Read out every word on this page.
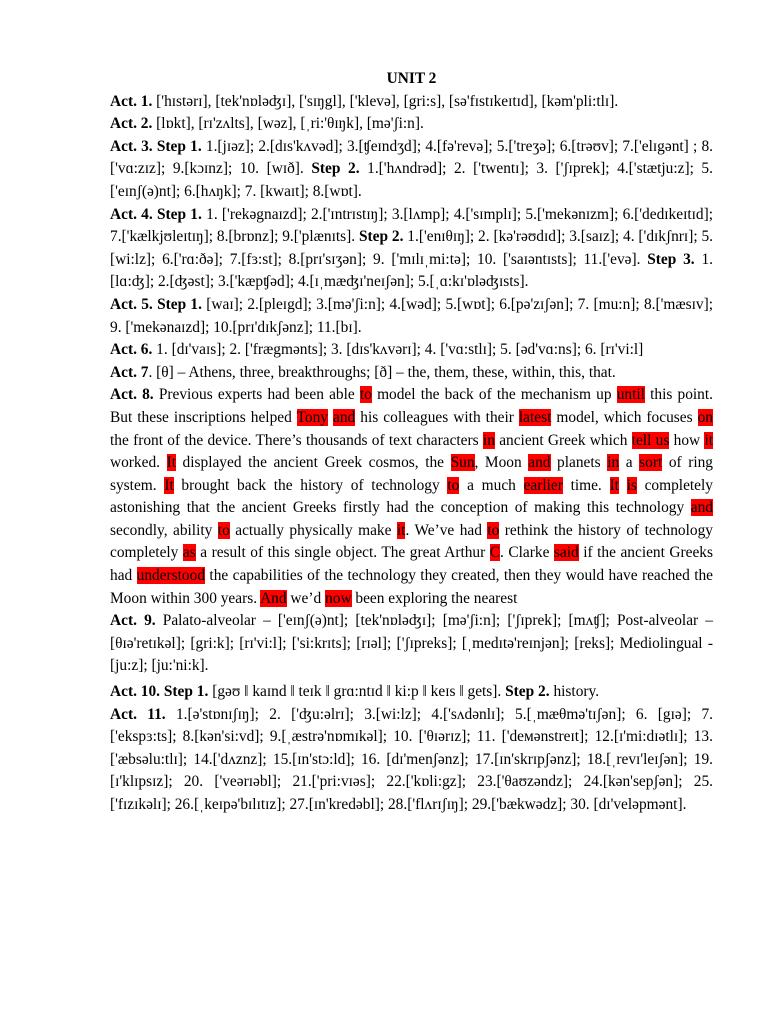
UNIT 2

Act. 1. ['hɪstərɪ], [tek'nɒləʤɪ], ['sɪŋgl], ['klevə], [gri:s], [sə'fɪstɪkeɪtɪd], [kəm'pli:tlɪ].

Act. 2. [lɒkt], [rɪ'zʌlts], [wəz], [ˌri:'θɪŋk], [mə'ʃi:n].

Act. 3. Step 1. 1.[jɪəz]; 2.[dɪs'kʌvəd]; 3.[ʧeɪndʒd]; 4.[fə'revə]; 5.['treʒə]; 6.[trəʊv]; 7.['elɪgənt] ; 8.['vɑ:zɪz]; 9.[kɔɪnz]; 10. [wɪð]. Step 2. 1.['hʌndrəd]; 2. ['twentɪ]; 3. ['ʃɪprek]; 4.['stætju:z]; 5.['eɪnʃ(ə)nt]; 6.[hʌŋk]; 7. [kwaɪt]; 8.[wɒt].

Act. 4. Step 1. 1. ['rekəgnaɪzd]; 2.['ɪntrɪstɪŋ]; 3.[lʌmp]; 4.['sɪmplɪ]; 5.['mekənɪzm]; 6.['dedɪkeɪtɪd]; 7.['kælkjʊleɪtɪŋ]; 8.[brɒnz]; 9.['plænɪts]. Step 2. 1.['enɪθɪŋ]; 2. [kə'rəʊdɪd]; 3.[saɪz]; 4. ['dɪkʃnrɪ]; 5. [wi:lz]; 6.['rɑ:ðə]; 7.[fɜ:st]; 8.[prɪ'sɪʒən]; 9. ['mɪlɪˌmi:tə]; 10. ['saɪəntɪsts]; 11.['evə]. Step 3. 1.[lɑ:ʤ]; 2.[ʤəst]; 3.['kæpʧəd]; 4.[ɪˌmæʤɪ'neɪʃən]; 5.[ˌɑ:kɪ'ɒləʤɪsts].

Act. 5. Step 1. [waɪ]; 2.[pleɪgd]; 3.[mə'ʃi:n]; 4.[wəd]; 5.[wɒt]; 6.[pə'zɪʃən]; 7. [mu:n]; 8.['mæsɪv]; 9. ['mekənaɪzd]; 10.[prɪ'dɪkʃənz]; 11.[bɪ].

Act. 6. 1. [dɪ'vaɪs]; 2. ['frægmənts]; 3. [dɪs'kʌvərɪ]; 4. ['vɑ:stlɪ]; 5. [əd'vɑ:ns]; 6. [rɪ'vi:l]

Act. 7. [θ] – Athens, three, breakthroughs; [ð] – the, them, these, within, this, that.

Act. 8. Previous experts had been able to model the back of the mechanism up until this point. But these inscriptions helped Tony and his colleagues with their latest model, which focuses on the front of the device. There’s thousands of text characters in ancient Greek which tell us how it worked. It displayed the ancient Greek cosmos, the Sun, Moon and planets in a sort of ring system. It brought back the history of technology to a much earlier time. It is completely astonishing that the ancient Greeks firstly had the conception of making this technology and secondly, ability to actually physically make it. We’ve had to rethink the history of technology completely as a result of this single object. The great Arthur C. Clarke said if the ancient Greeks had understood the capabilities of the technology they created, then they would have reached the Moon within 300 years. And we’d now been exploring the nearest

Act. 9. Palato-alveolar – ['eɪnʃ(ə)nt]; [tek'nɒləʤɪ]; [mə'ʃi:n]; ['ʃɪprek]; [mʌʧ]; Post-alveolar – [θɪə'retɪkəl]; [gri:k]; [rɪ'vi:l]; ['si:krɪts]; [rɪəl]; ['ʃɪpreks]; [ˌmedɪtə'reɪnjən]; [reks]; Mediolingual - [ju:z]; [ju:'ni:k].

Act. 10. Step 1. [gəʊ ǁ kaɪnd ǁ teɪk ǁ grɑ:ntɪd ǁ ki:p ǁ keɪs ǁ gets]. Step 2. history.

Act. 11. 1.[ə'stɒnɪʃɪŋ]; 2. ['ʤu:əlrɪ]; 3.[wi:lz]; 4.['sʌdənlɪ]; 5.[ˌmæθmə'tɪʃən]; 6. [gɪə]; 7.['ekspɜ:ts]; 8.[kən'si:vd]; 9.[ˌæstrə'nɒmɪkəl]; 10. ['θɪərɪz]; 11. ['deмənstreɪt]; 12.[ɪ'mi:dɪətlɪ]; 13. ['æbsəlu:tlɪ]; 14.['dʌznz]; 15.[ɪn'stɔ:ld]; 16. [dɪ'menʃənz]; 17.[ɪn'skrɪpʃənz]; 18.[ˌrevɪ'leɪʃən]; 19. [ɪ'klɪpsɪz]; 20. ['veərɪəbl]; 21.['pri:vɪəs]; 22.['kɒli:gz]; 23.['θaʊzəndz]; 24.[kən'sepʃən]; 25. ['fɪzɪkəlɪ]; 26.[ˌkeɪpə'bɪlɪtɪz]; 27.[ɪn'kredəbl]; 28.['flʌrɪʃɪŋ]; 29.['bækwədz]; 30. [dɪ'veləpmənt].
